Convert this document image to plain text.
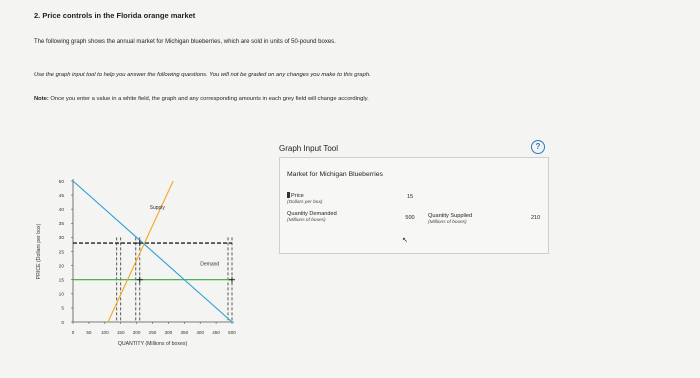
2. Price controls in the Florida orange market
The following graph shows the annual market for Michigan blueberries, which are sold in units of 50-pound boxes.
Use the graph input tool to help you answer the following questions. You will not be graded on any changes you make to this graph.
Note: Once you enter a value in a white field, the graph and any corresponding amounts in each grey field will change accordingly.
0
5
10
15
20
25
30
35
40
45
50
0	50 100 150 200 250 300 350 400 450 500
QUANTITY (Millions of boxes)
PRICE (Dollars per box)
Supply
Demand
Graph Input Tool	?
Market for Michigan Blueberries
Price
(Dollars per box)
15
Quantity Demanded
(Millions of boxes)	500
↖
Quantity Supplied
(Millions of boxes)
210
